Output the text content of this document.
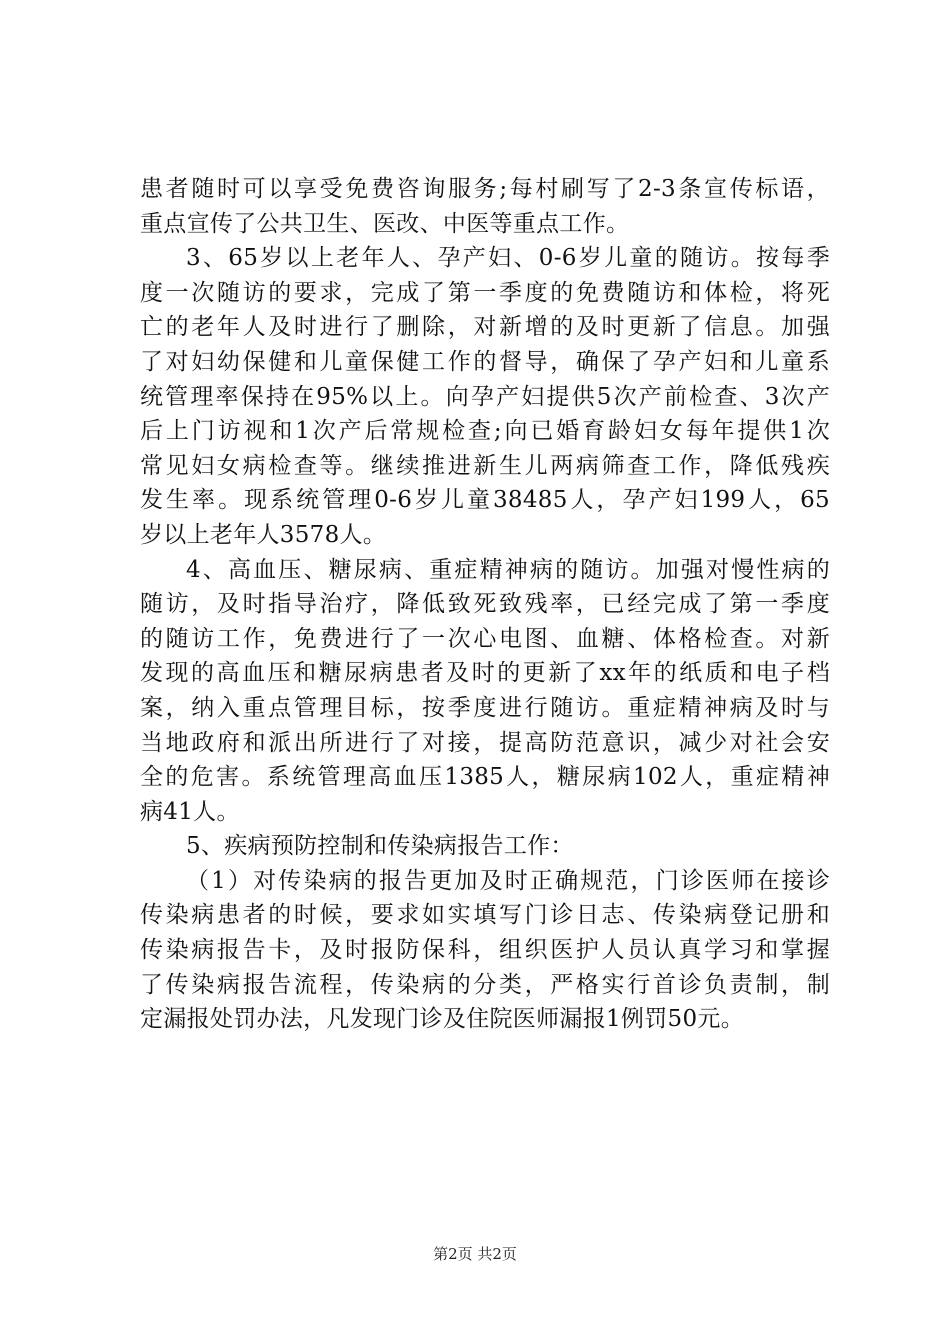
患者随时可以享受免费咨询服务;每村刷写了2-3条宣传标语，
重点宣传了公共卫生、医改、中医等重点工作。
3、65岁以上老年人、孕产妇、0-6岁儿童的随访。按每季
度一次随访的要求，完成了第一季度的免费随访和体检，将死
亡的老年人及时进行了删除，对新增的及时更新了信息。加强
了对妇幼保健和儿童保健工作的督导，确保了孕产妇和儿童系
统管理率保持在95%以上。向孕产妇提供5次产前检查、3次产
后上门访视和1次产后常规检查;向已婚育龄妇女每年提供1次
常见妇女病检查等。继续推进新生儿两病筛查工作，降低残疾
发生率。现系统管理0-6岁儿童38485人，孕产妇199人，65
岁以上老年人3578人。
4、高血压、糖尿病、重症精神病的随访。加强对慢性病的
随访，及时指导治疗，降低致死致残率，已经完成了第一季度
的随访工作，免费进行了一次心电图、血糖、体格检查。对新
发现的高血压和糖尿病患者及时的更新了xx年的纸质和电子档
案，纳入重点管理目标，按季度进行随访。重症精神病及时与
当地政府和派出所进行了对接，提高防范意识，减少对社会安
全的危害。系统管理高血压1385人，糖尿病102人，重症精神
病41人。
5、疾病预防控制和传染病报告工作：
（1）对传染病的报告更加及时正确规范，门诊医师在接诊
传染病患者的时候，要求如实填写门诊日志、传染病登记册和
传染病报告卡，及时报防保科，组织医护人员认真学习和掌握
了传染病报告流程，传染病的分类，严格实行首诊负责制，制
定漏报处罚办法，凡发现门诊及住院医师漏报1例罚50元。
第2页 共2页
